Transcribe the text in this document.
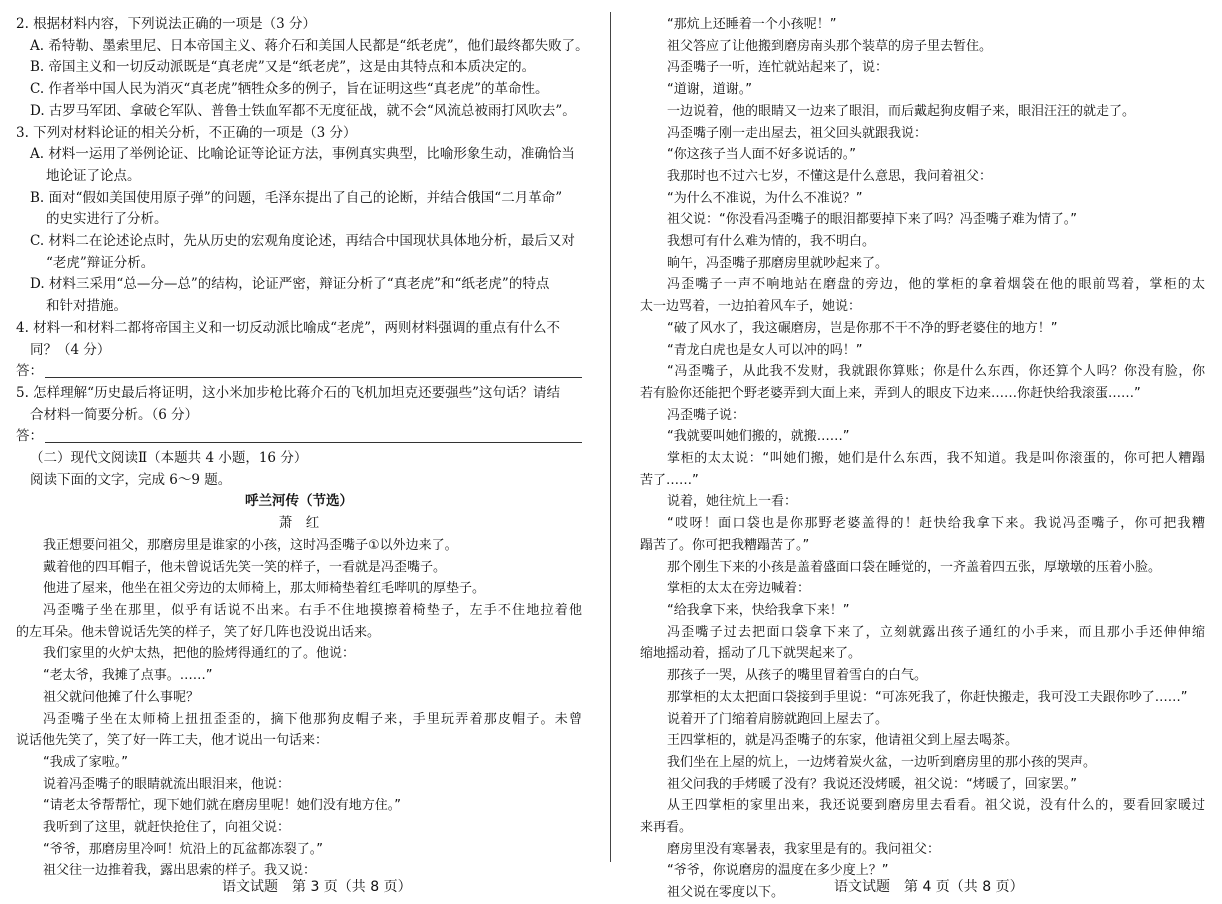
2. 根据材料内容，下列说法正确的一项是（3 分）
A. 希特勒、墨索里尼、日本帝国主义、蒋介石和美国人民都是“纸老虎”，他们最终都失败了。
B. 帝国主义和一切反动派既是“真老虎”又是“纸老虎”，这是由其特点和本质决定的。
C. 作者举中国人民为消灭“真老虎”牺牲众多的例子，旨在证明这些“真老虎”的革命性。
D. 古罗马军团、拿破仑军队、普鲁士铁血军都不无度征战，就不会“风流总被雨打风吹去”。
3. 下列对材料论证的相关分析，不正确的一项是（3 分）
A. 材料一运用了举例论证、比喻论证等论证方法，事例真实典型，比喻形象生动，准确恰当
地论证了论点。
B. 面对“假如美国使用原子弹”的问题，毛泽东提出了自己的论断，并结合俄国“二月革命”
的史实进行了分析。
C. 材料二在论述论点时，先从历史的宏观角度论述，再结合中国现状具体地分析，最后又对
“老虎”辩证分析。
D. 材料三采用“总—分—总”的结构，论证严密，辩证分析了“真老虎”和“纸老虎”的特点
和针对措施。
4. 材料一和材料二都将帝国主义和一切反动派比喻成“老虎”，两则材料强调的重点有什么不
同？（4 分）
答：
5. 怎样理解“历史最后将证明，这小米加步枪比蒋介石的飞机加坦克还要强些”这句话？请结
合材料一简要分析。（6 分）
答：
（二）现代文阅读Ⅱ（本题共 4 小题，16 分）
阅读下面的文字，完成 6～9 题。
呼兰河传（节选）
萧　红
我正想要问祖父，那磨房里是谁家的小孩，这时冯歪嘴子①以外边来了。
戴着他的四耳帽子，他未曾说话先笑一笑的样子，一看就是冯歪嘴子。
他进了屋来，他坐在祖父旁边的太师椅上，那太师椅垫着红毛哔叽的厚垫子。
冯歪嘴子坐在那里，似乎有话说不出来。右手不住地摸擦着椅垫子，左手不住地拉着他
的左耳朵。他未曾说话先笑的样子，笑了好几阵也没说出话来。
我们家里的火炉太热，把他的脸烤得通红的了。他说：
“老太爷，我摊了点事。……”
祖父就问他摊了什么事呢？
冯歪嘴子坐在太师椅上扭扭歪歪的，摘下他那狗皮帽子来，手里玩弄着那皮帽子。未曾
说话他先笑了，笑了好一阵工夫，他才说出一句话来：
“我成了家啦。”
说着冯歪嘴子的眼睛就流出眼泪来，他说：
“请老太爷帮帮忙，现下她们就在磨房里呢！她们没有地方住。”
我听到了这里，就赶快抢住了，向祖父说：
“爷爷，那磨房里冷呵！炕沿上的瓦盆都冻裂了。”
祖父往一边推着我，露出思索的样子。我又说：
“那炕上还睡着一个小孩呢！”
祖父答应了让他搬到磨房南头那个装草的房子里去暂住。
冯歪嘴子一听，连忙就站起来了，说：
“道谢，道谢。”
一边说着，他的眼睛又一边来了眼泪，而后戴起狗皮帽子来，眼泪汪汪的就走了。
冯歪嘴子刚一走出屋去，祖父回头就跟我说：
“你这孩子当人面不好多说话的。”
我那时也不过六七岁，不懂这是什么意思，我问着祖父：
“为什么不准说，为什么不准说？”
祖父说：“你没看冯歪嘴子的眼泪都要掉下来了吗？冯歪嘴子难为情了。”
我想可有什么难为情的，我不明白。
晌午，冯歪嘴子那磨房里就吵起来了。
冯歪嘴子一声不响地站在磨盘的旁边，他的掌柜的拿着烟袋在他的眼前骂着，掌柜的太
太一边骂着，一边拍着风车子，她说：
“破了风水了，我这碾磨房，岂是你那不干不净的野老婆住的地方！”
“青龙白虎也是女人可以冲的吗！”
“冯歪嘴子，从此我不发财，我就跟你算账；你是什么东西，你还算个人吗？你没有脸，你
若有脸你还能把个野老婆弄到大面上来，弄到人的眼皮下边来……你赶快给我滚蛋……”
冯歪嘴子说：
“我就要叫她们搬的，就搬……”
掌柜的太太说：“叫她们搬，她们是什么东西，我不知道。我是叫你滚蛋的，你可把人糟蹋
苦了……”
说着，她往炕上一看：
“哎呀！面口袋也是你那野老婆盖得的！赶快给我拿下来。我说冯歪嘴子，你可把我糟
蹋苦了。你可把我糟蹋苦了。”
那个刚生下来的小孩是盖着盛面口袋在睡觉的，一齐盖着四五张，厚墩墩的压着小脸。
掌柜的太太在旁边喊着：
“给我拿下来，快给我拿下来！”
冯歪嘴子过去把面口袋拿下来了，立刻就露出孩子通红的小手来，而且那小手还伸伸缩
缩地摇动着，摇动了几下就哭起来了。
那孩子一哭，从孩子的嘴里冒着雪白的白气。
那掌柜的太太把面口袋接到手里说：“可冻死我了，你赶快搬走，我可没工夫跟你吵了……”
说着开了门缩着肩膀就跑回上屋去了。
王四掌柜的，就是冯歪嘴子的东家，他请祖父到上屋去喝茶。
我们坐在上屋的炕上，一边烤着炭火盆，一边听到磨房里的那小孩的哭声。
祖父问我的手烤暖了没有？我说还没烤暖，祖父说：“烤暖了，回家罢。”
从王四掌柜的家里出来，我还说要到磨房里去看看。祖父说，没有什么的，要看回家暖过
来再看。
磨房里没有寒暑表，我家里是有的。我问祖父：
“爷爷，你说磨房的温度在多少度上？”
祖父说在零度以下。
语文试题　第 3 页（共 8 页）	语文试题　第 4 页（共 8 页）
